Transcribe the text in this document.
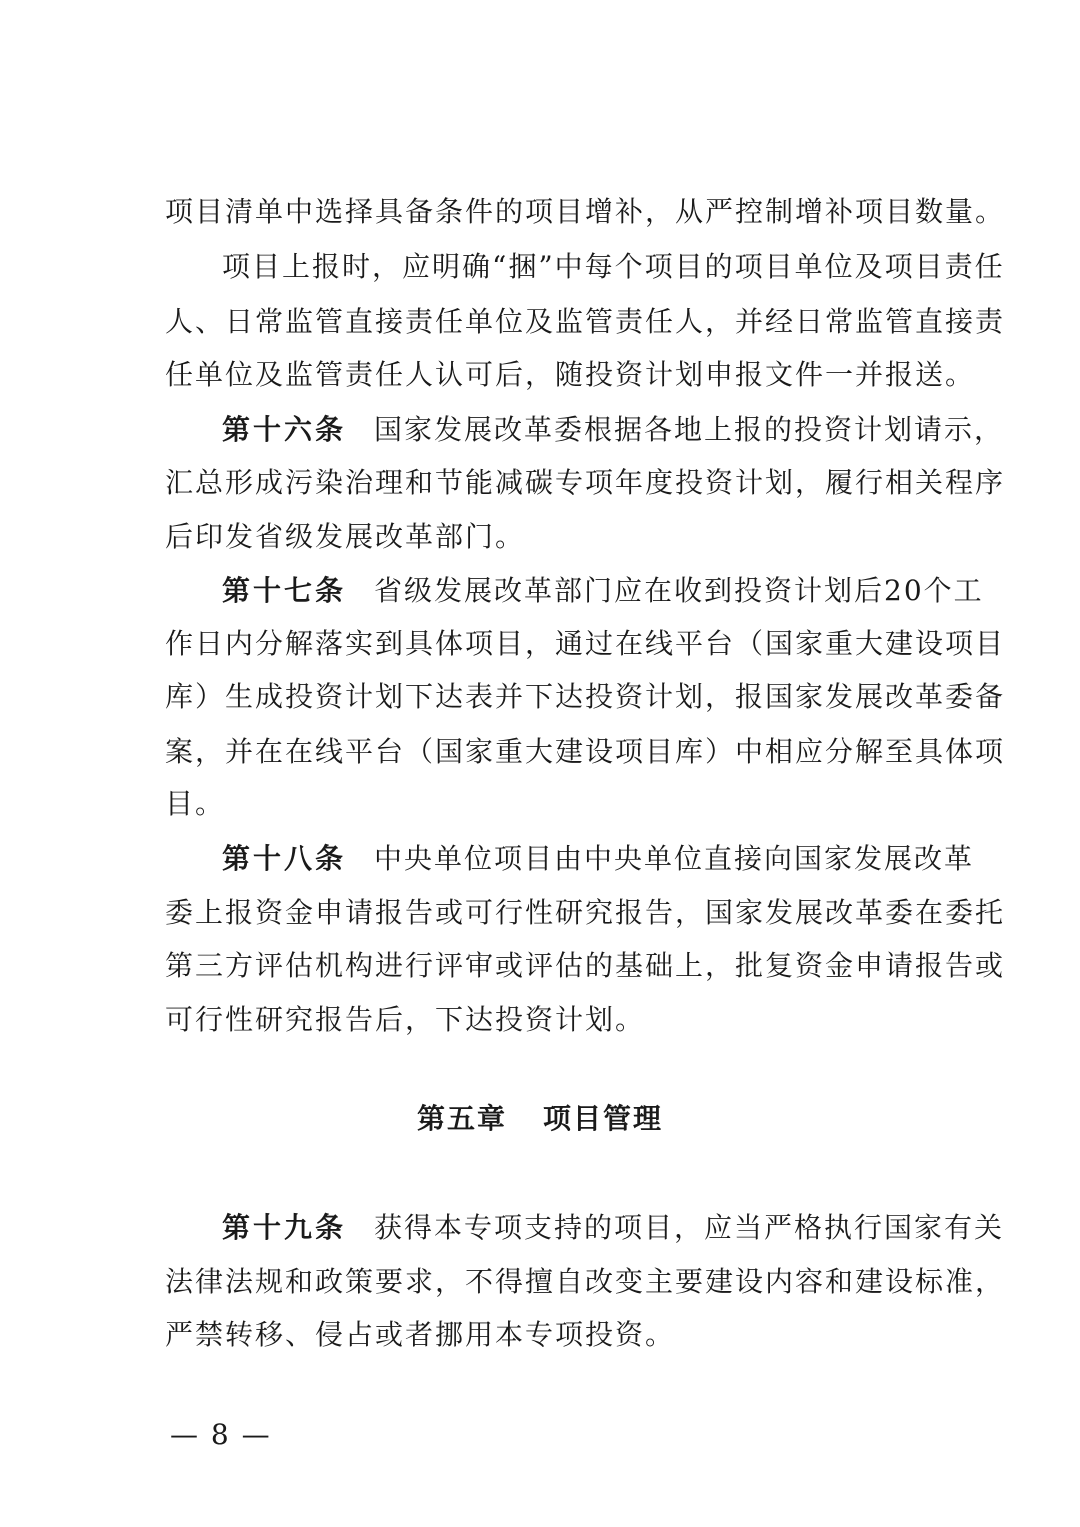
项目清单中选择具备条件的项目增补，从严控制增补项目数量。
项目上报时，应明确“捆”中每个项目的项目单位及项目责任
人、日常监管直接责任单位及监管责任人，并经日常监管直接责
任单位及监管责任人认可后，随投资计划申报文件一并报送。
第十六条 国家发展改革委根据各地上报的投资计划请示，
汇总形成污染治理和节能减碳专项年度投资计划，履行相关程序
后印发省级发展改革部门。
第十七条 省级发展改革部门应在收到投资计划后20个工
作日内分解落实到具体项目，通过在线平台（国家重大建设项目
库）生成投资计划下达表并下达投资计划，报国家发展改革委备
案，并在在线平台（国家重大建设项目库）中相应分解至具体项
目。
第十八条 中央单位项目由中央单位直接向国家发展改革
委上报资金申请报告或可行性研究报告，国家发展改革委在委托
第三方评估机构进行评审或评估的基础上，批复资金申请报告或
可行性研究报告后，下达投资计划。
第五章 项目管理
第十九条 获得本专项支持的项目，应当严格执行国家有关
法律法规和政策要求，不得擅自改变主要建设内容和建设标准，
严禁转移、侵占或者挪用本专项投资。
— 8 —
